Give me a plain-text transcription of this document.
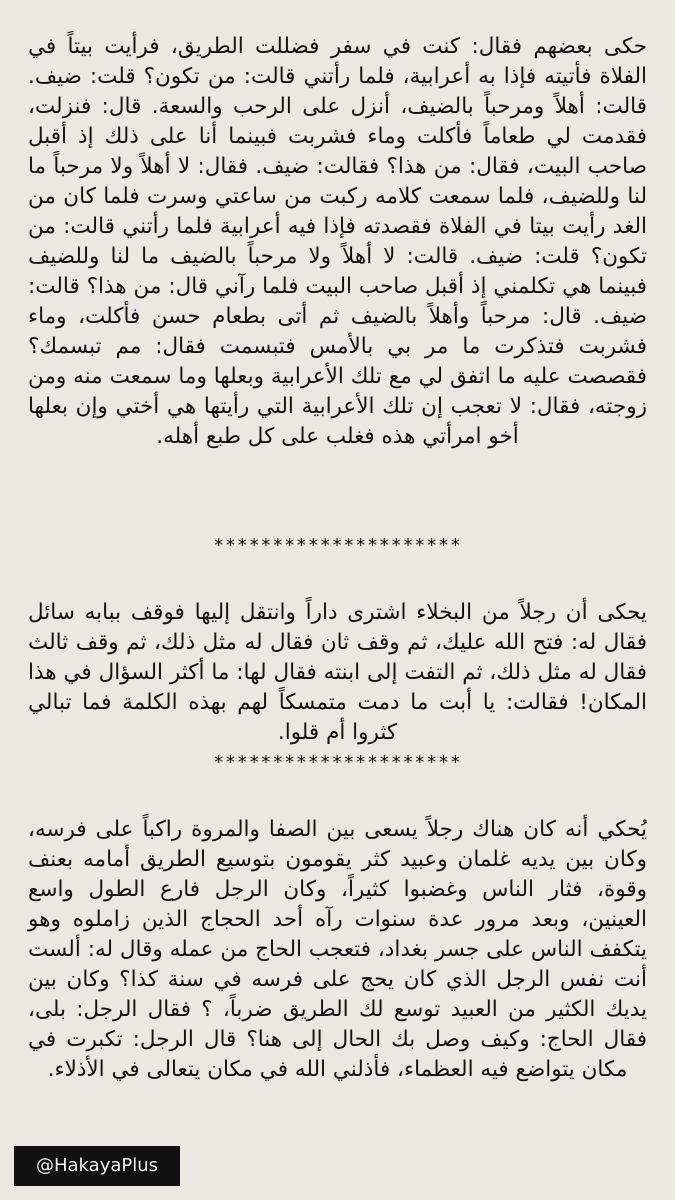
حكى بعضهم فقال: كنت في سفر فضللت الطريق، فرأيت بيتاً في الفلاة فأتيته فإذا به أعرابية، فلما رأتني قالت: من تكون؟ قلت: ضيف. قالت: أهلاً ومرحباً بالضيف، أنزل على الرحب والسعة. قال: فنزلت، فقدمت لي طعاماً فأكلت وماء فشربت فبينما أنا على ذلك إذ أقبل صاحب البيت، فقال: من هذا؟ فقالت: ضيف. فقال: لا أهلاً ولا مرحباً ما لنا وللضيف، فلما سمعت كلامه ركبت من ساعتي وسرت فلما كان من الغد رأيت بيتا في الفلاة فقصدته فإذا فيه أعرابية فلما رأتني قالت: من تكون؟ قلت: ضيف. قالت: لا أهلاً ولا مرحباً بالضيف ما لنا وللضيف فبينما هي تكلمني إذ أقبل صاحب البيت فلما رآني قال: من هذا؟ قالت: ضيف. قال: مرحباً وأهلاً بالضيف ثم أتى بطعام حسن فأكلت، وماء فشربت فتذكرت ما مر بي بالأمس فتبسمت فقال: مم تبسمك؟ فقصصت عليه ما اتفق لي مع تلك الأعرابية وبعلها وما سمعت منه ومن زوجته، فقال: لا تعجب إن تلك الأعرابية التي رأيتها هي أختي وإن بعلها أخو امرأتي هذه فغلب على كل طبع أهله.

*********************

يحكى أن رجلاً من البخلاء اشترى داراً وانتقل إليها فوقف ببابه سائل فقال له: فتح الله عليك، ثم وقف ثان فقال له مثل ذلك، ثم وقف ثالث فقال له مثل ذلك، ثم التفت إلى ابنته فقال لها: ما أكثر السؤال في هذا المكان! فقالت: يا أبت ما دمت متمسكاً لهم بهذه الكلمة فما تبالي كثروا أم قلوا.

*********************

يُحكي أنه كان هناك رجلاً يسعى بين الصفا والمروة راكباً على فرسه، وكان بين يديه غلمان وعبيد كثر يقومون بتوسيع الطريق أمامه بعنف وقوة، فثار الناس وغضبوا كثيراً، وكان الرجل فارع الطول واسع العينين، وبعد مرور عدة سنوات رآه أحد الحجاج الذين زاملوه وهو يتكفف الناس على جسر بغداد، فتعجب الحاج من عمله وقال له: ألست أنت نفس الرجل الذي كان يحج على فرسه في سنة كذا؟ وكان بين يديك الكثير من العبيد توسع لك الطريق ضرباً، ؟ فقال الرجل: بلى، فقال الحاج: وكيف وصل بك الحال إلى هنا؟ قال الرجل: تكبرت في مكان يتواضع فيه العظماء، فأذلني الله في مكان يتعالى في الأذلاء.

@HakayaPlus
